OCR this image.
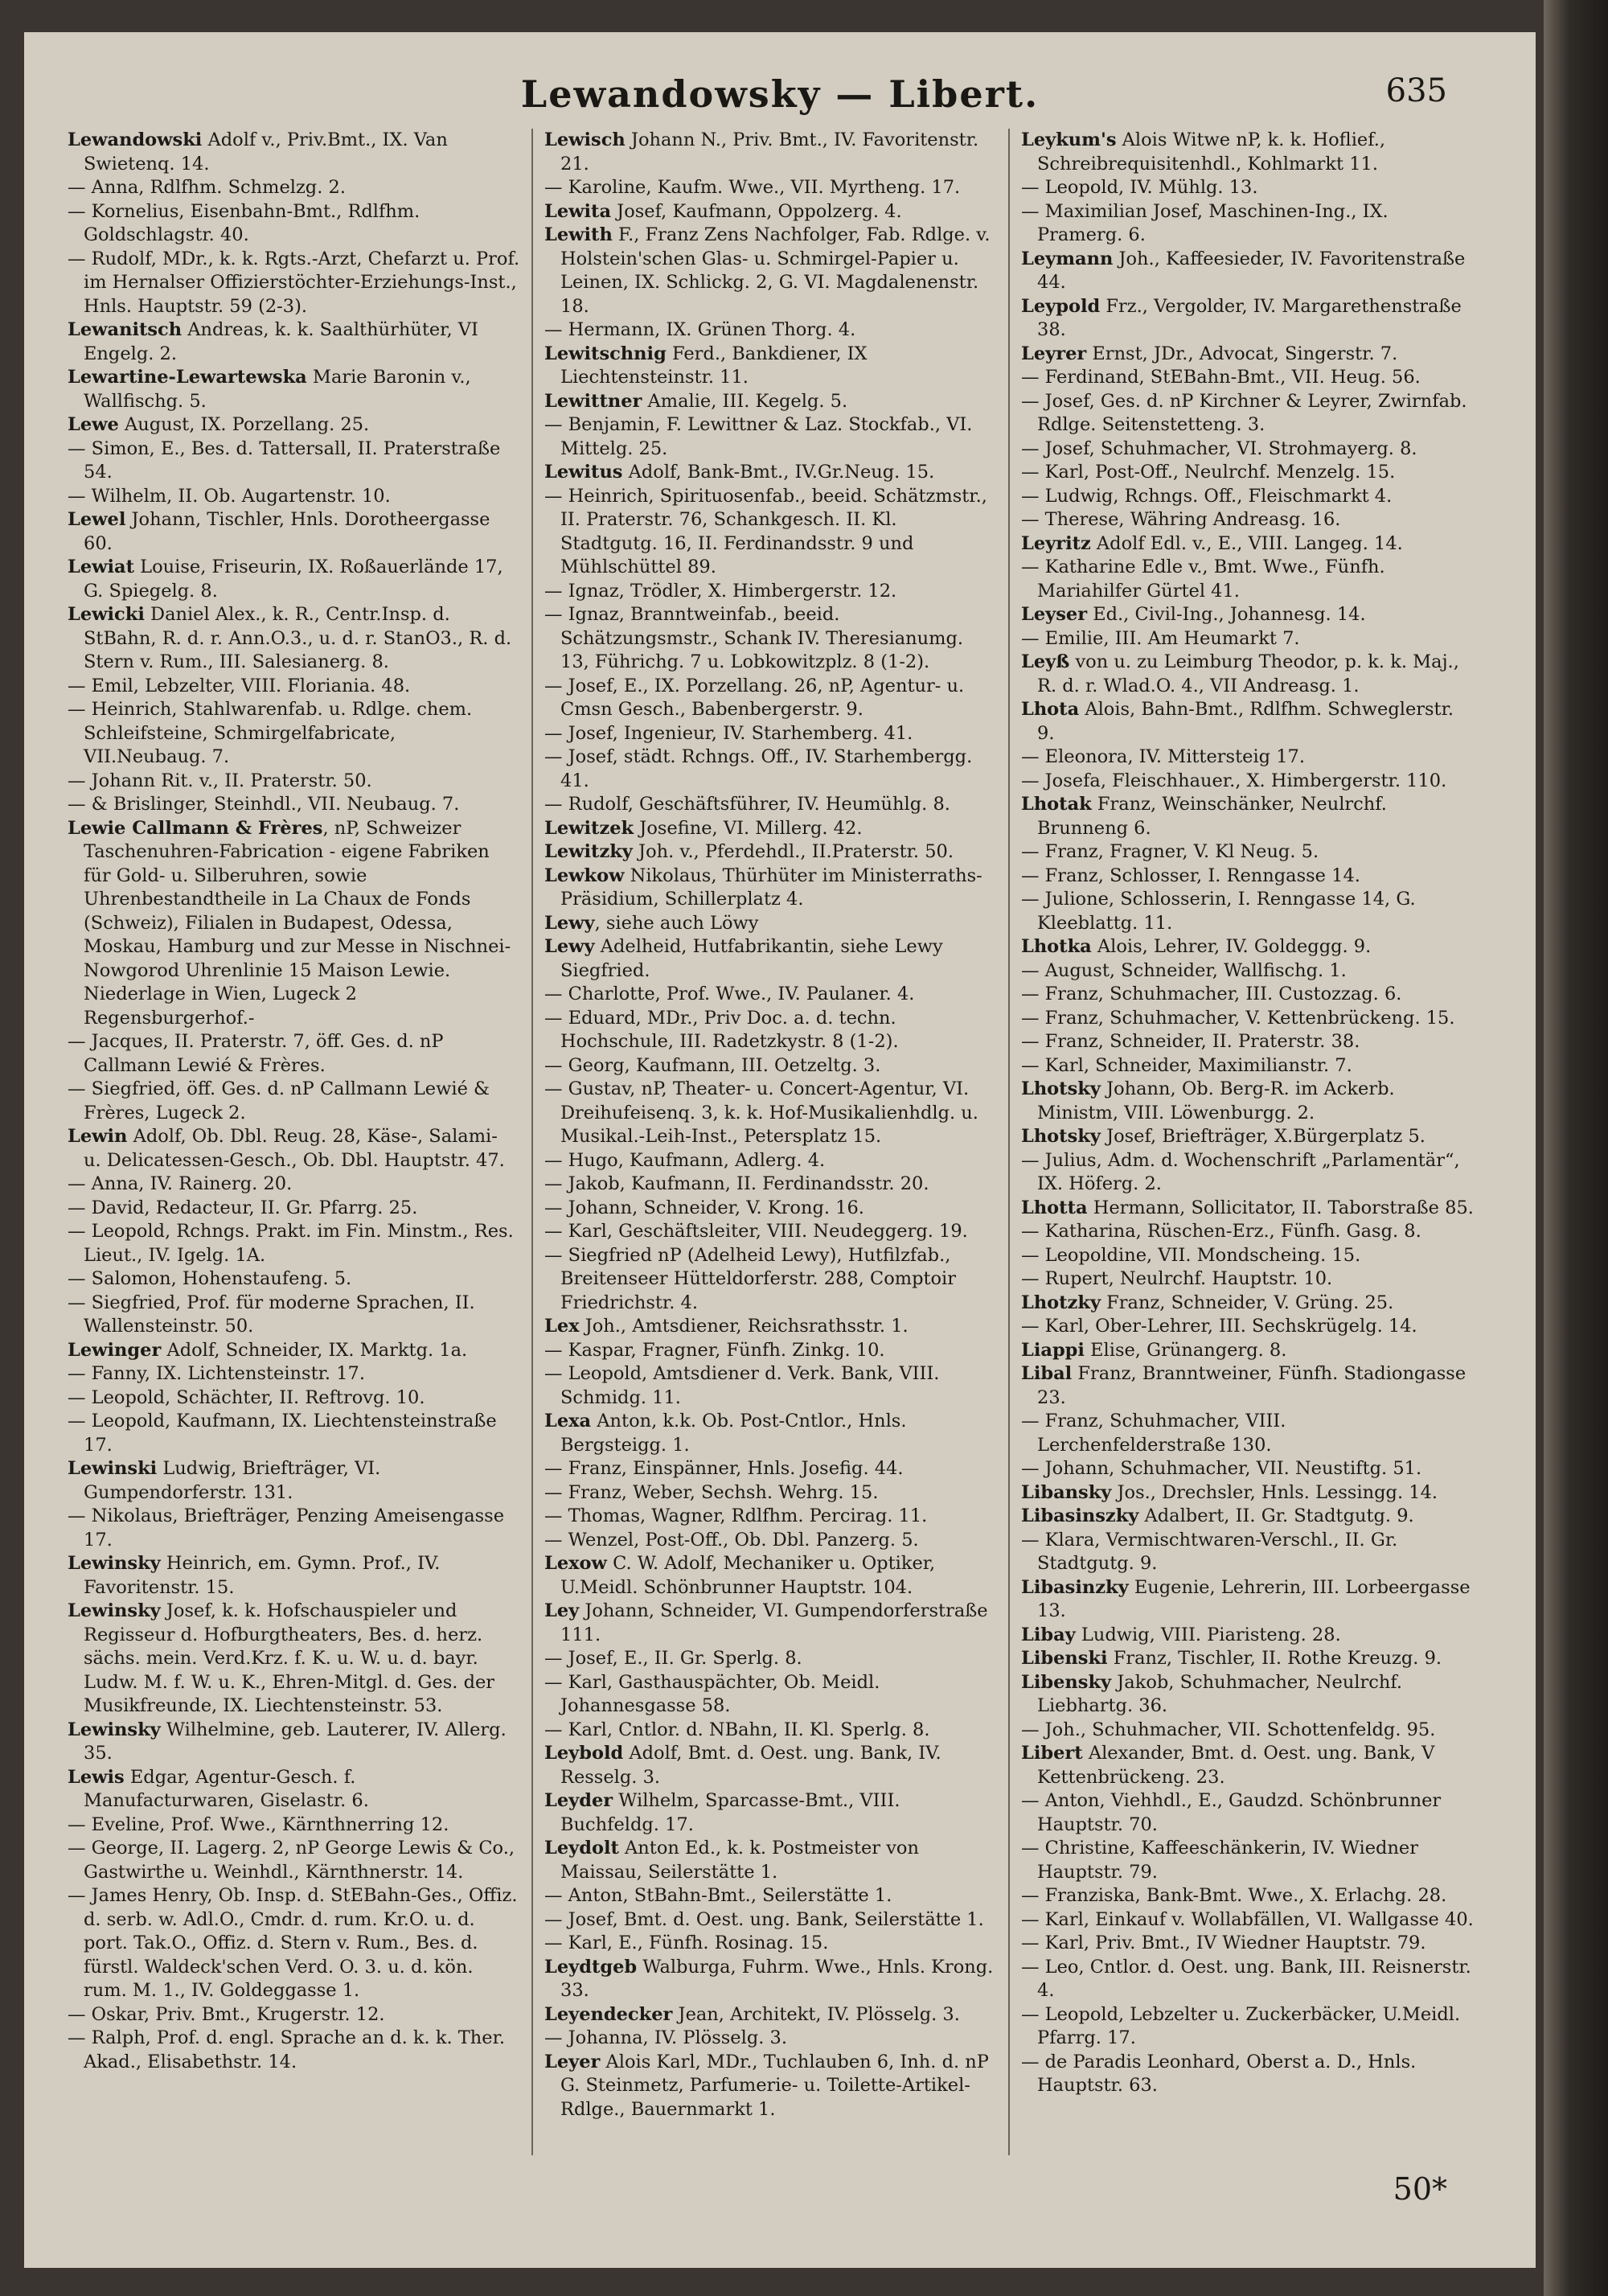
Lewandowsky — Libert.	635

Lewandowski Adolf v., Priv.Bmt., IX. Van Swietenq. 14.

— Anna, Rdlfhm. Schmelzg. 2.

— Kornelius, Eisenbahn-Bmt., Rdlfhm. Goldschlagstr. 40.

— Rudolf, MDr., k. k. Rgts.-Arzt, Chefarzt u. Prof. im Hernalser Offizierstöchter-Erziehungs-Inst., Hnls. Hauptstr. 59 (2-3).

Lewanitsch Andreas, k. k. Saalthürhüter, VI Engelg. 2.

Lewartine-Lewartewska Marie Baronin v., Wallfischg. 5.

Lewe August, IX. Porzellang. 25.

— Simon, E., Bes. d. Tattersall, II. Praterstraße 54.

— Wilhelm, II. Ob. Augartenstr. 10.

Lewel Johann, Tischler, Hnls. Dorotheergasse 60.

Lewiat Louise, Friseurin, IX. Roßauerlände 17, G. Spiegelg. 8.

Lewicki Daniel Alex., k. R., Centr.Insp. d. StBahn, R. d. r. Ann.O.3., u. d. r. StanO3., R. d. Stern v. Rum., III. Salesianerg. 8.

— Emil, Lebzelter, VIII. Floriania. 48.

— Heinrich, Stahlwarenfab. u. Rdlge. chem. Schleifsteine, Schmirgelfabricate, VII.Neubaug. 7.

— Johann Rit. v., II. Praterstr. 50.

— & Brislinger, Steinhdl., VII. Neubaug. 7.

Lewie Callmann & Frères, nP, Schweizer Taschenuhren-Fabrication - eigene Fabriken für Gold- u. Silberuhren, sowie Uhrenbestandtheile in La Chaux de Fonds (Schweiz), Filialen in Budapest, Odessa, Moskau, Hamburg und zur Messe in Nischnei-Nowgorod Uhrenlinie 15 Maison Lewie. Niederlage in Wien, Lugeck 2 Regensburgerhof.-

— Jacques, II. Praterstr. 7, öff. Ges. d. nP Callmann Lewié & Frères.

— Siegfried, öff. Ges. d. nP Callmann Lewié & Frères, Lugeck 2.

Lewin Adolf, Ob. Dbl. Reug. 28, Käse-, Salami- u. Delicatessen-Gesch., Ob. Dbl. Hauptstr. 47.

— Anna, IV. Rainerg. 20.

— David, Redacteur, II. Gr. Pfarrg. 25.

— Leopold, Rchngs. Prakt. im Fin. Minstm., Res. Lieut., IV. Igelg. 1A.

— Salomon, Hohenstaufeng. 5.

— Siegfried, Prof. für moderne Sprachen, II. Wallensteinstr. 50.

Lewinger Adolf, Schneider, IX. Marktg. 1a.

— Fanny, IX. Lichtensteinstr. 17.

— Leopold, Schächter, II. Reftrovg. 10.

— Leopold, Kaufmann, IX. Liechtensteinstraße 17.

Lewinski Ludwig, Briefträger, VI. Gumpendorferstr. 131.

— Nikolaus, Briefträger, Penzing Ameisengasse 17.

Lewinsky Heinrich, em. Gymn. Prof., IV. Favoritenstr. 15.

Lewinsky Josef, k. k. Hofschauspieler und Regisseur d. Hofburgtheaters, Bes. d. herz. sächs. mein. Verd.Krz. f. K. u. W. u. d. bayr. Ludw. M. f. W. u. K., Ehren-Mitgl. d. Ges. der Musikfreunde, IX. Liechtensteinstr. 53.

Lewinsky Wilhelmine, geb. Lauterer, IV. Allerg. 35.

Lewis Edgar, Agentur-Gesch. f. Manufacturwaren, Giselastr. 6.

— Eveline, Prof. Wwe., Kärnthnerring 12.

— George, II. Lagerg. 2, nP George Lewis & Co., Gastwirthe u. Weinhdl., Kärnthnerstr. 14.

— James Henry, Ob. Insp. d. StEBahn-Ges., Offiz. d. serb. w. Adl.O., Cmdr. d. rum. Kr.O. u. d. port. Tak.O., Offiz. d. Stern v. Rum., Bes. d. fürstl. Waldeck'schen Verd. O. 3. u. d. kön. rum. M. 1., IV. Goldeggasse 1.

— Oskar, Priv. Bmt., Krugerstr. 12.

— Ralph, Prof. d. engl. Sprache an d. k. k. Ther. Akad., Elisabethstr. 14.

Lewisch Johann N., Priv. Bmt., IV. Favoritenstr. 21.

— Karoline, Kaufm. Wwe., VII. Myrtheng. 17.

Lewita Josef, Kaufmann, Oppolzerg. 4.

Lewith F., Franz Zens Nachfolger, Fab. Rdlge. v. Holstein'schen Glas- u. Schmirgel-Papier u. Leinen, IX. Schlickg. 2, G. VI. Magdalenenstr. 18.

— Hermann, IX. Grünen Thorg. 4.

Lewitschnig Ferd., Bankdiener, IX Liechtensteinstr. 11.

Lewittner Amalie, III. Kegelg. 5.

— Benjamin, F. Lewittner & Laz. Stockfab., VI. Mittelg. 25.

Lewitus Adolf, Bank-Bmt., IV.Gr.Neug. 15.

— Heinrich, Spirituosenfab., beeid. Schätzmstr., II. Praterstr. 76, Schankgesch. II. Kl. Stadtgutg. 16, II. Ferdinandsstr. 9 und Mühlschüttel 89.

— Ignaz, Trödler, X. Himbergerstr. 12.

— Ignaz, Branntweinfab., beeid. Schätzungsmstr., Schank IV. Theresianumg. 13, Führichg. 7 u. Lobkowitzplz. 8 (1-2).

— Josef, E., IX. Porzellang. 26, nP, Agentur- u. Cmsn Gesch., Babenbergerstr. 9.

— Josef, Ingenieur, IV. Starhemberg. 41.

— Josef, städt. Rchngs. Off., IV. Starhembergg. 41.

— Rudolf, Geschäftsführer, IV. Heumühlg. 8.

Lewitzek Josefine, VI. Millerg. 42.

Lewitzky Joh. v., Pferdehdl., II.Praterstr. 50.

Lewkow Nikolaus, Thürhüter im Ministerraths-Präsidium, Schillerplatz 4.

Lewy, siehe auch Löwy

Lewy Adelheid, Hutfabrikantin, siehe Lewy Siegfried.

— Charlotte, Prof. Wwe., IV. Paulaner. 4.

— Eduard, MDr., Priv Doc. a. d. techn. Hochschule, III. Radetzkystr. 8 (1-2).

— Georg, Kaufmann, III. Oetzeltg. 3.

— Gustav, nP, Theater- u. Concert-Agentur, VI. Dreihufeisenq. 3, k. k. Hof-Musikalienhdlg. u. Musikal.-Leih-Inst., Petersplatz 15.

— Hugo, Kaufmann, Adlerg. 4.

— Jakob, Kaufmann, II. Ferdinandsstr. 20.

— Johann, Schneider, V. Krong. 16.

— Karl, Geschäftsleiter, VIII. Neudeggerg. 19.

— Siegfried nP (Adelheid Lewy), Hutfilzfab., Breitenseer Hütteldorferstr. 288, Comptoir Friedrichstr. 4.

Lex Joh., Amtsdiener, Reichsrathsstr. 1.

— Kaspar, Fragner, Fünfh. Zinkg. 10.

— Leopold, Amtsdiener d. Verk. Bank, VIII. Schmidg. 11.

Lexa Anton, k.k. Ob. Post-Cntlor., Hnls. Bergsteigg. 1.

— Franz, Einspänner, Hnls. Josefig. 44.

— Franz, Weber, Sechsh. Wehrg. 15.

— Thomas, Wagner, Rdlfhm. Percirag. 11.

— Wenzel, Post-Off., Ob. Dbl. Panzerg. 5.

Lexow C. W. Adolf, Mechaniker u. Optiker, U.Meidl. Schönbrunner Hauptstr. 104.

Ley Johann, Schneider, VI. Gumpendorferstraße 111.

— Josef, E., II. Gr. Sperlg. 8.

— Karl, Gasthauspächter, Ob. Meidl. Johannesgasse 58.

— Karl, Cntlor. d. NBahn, II. Kl. Sperlg. 8.

Leybold Adolf, Bmt. d. Oest. ung. Bank, IV. Resselg. 3.

Leyder Wilhelm, Sparcasse-Bmt., VIII. Buchfeldg. 17.

Leydolt Anton Ed., k. k. Postmeister von Maissau, Seilerstätte 1.

— Anton, StBahn-Bmt., Seilerstätte 1.

— Josef, Bmt. d. Oest. ung. Bank, Seilerstätte 1.

— Karl, E., Fünfh. Rosinag. 15.

Leydtgeb Walburga, Fuhrm. Wwe., Hnls. Krong. 33.

Leyendecker Jean, Architekt, IV. Plösselg. 3.

— Johanna, IV. Plösselg. 3.

Leyer Alois Karl, MDr., Tuchlauben 6, Inh. d. nP G. Steinmetz, Parfumerie- u. Toilette-Artikel-Rdlge., Bauernmarkt 1.

Leykum's Alois Witwe nP, k. k. Hoflief., Schreibrequisitenhdl., Kohlmarkt 11.

— Leopold, IV. Mühlg. 13.

— Maximilian Josef, Maschinen-Ing., IX. Pramerg. 6.

Leymann Joh., Kaffeesieder, IV. Favoritenstraße 44.

Leypold Frz., Vergolder, IV. Margarethenstraße 38.

Leyrer Ernst, JDr., Advocat, Singerstr. 7.

— Ferdinand, StEBahn-Bmt., VII. Heug. 56.

— Josef, Ges. d. nP Kirchner & Leyrer, Zwirnfab. Rdlge. Seitenstetteng. 3.

— Josef, Schuhmacher, VI. Strohmayerg. 8.

— Karl, Post-Off., Neulrchf. Menzelg. 15.

— Ludwig, Rchngs. Off., Fleischmarkt 4.

— Therese, Währing Andreasg. 16.

Leyritz Adolf Edl. v., E., VIII. Langeg. 14.

— Katharine Edle v., Bmt. Wwe., Fünfh. Mariahilfer Gürtel 41.

Leyser Ed., Civil-Ing., Johannesg. 14.

— Emilie, III. Am Heumarkt 7.

Leyß von u. zu Leimburg Theodor, p. k. k. Maj., R. d. r. Wlad.O. 4., VII Andreasg. 1.

Lhota Alois, Bahn-Bmt., Rdlfhm. Schweglerstr. 9.

— Eleonora, IV. Mittersteig 17.

— Josefa, Fleischhauer., X. Himbergerstr. 110.

Lhotak Franz, Weinschänker, Neulrchf. Brunneng 6.

— Franz, Fragner, V. Kl Neug. 5.

— Franz, Schlosser, I. Renngasse 14.

— Julione, Schlosserin, I. Renngasse 14, G. Kleeblattg. 11.

Lhotka Alois, Lehrer, IV. Goldeggg. 9.

— August, Schneider, Wallfischg. 1.

— Franz, Schuhmacher, III. Custozzag. 6.

— Franz, Schuhmacher, V. Kettenbrückeng. 15.

— Franz, Schneider, II. Praterstr. 38.

— Karl, Schneider, Maximilianstr. 7.

Lhotsky Johann, Ob. Berg-R. im Ackerb. Ministm, VIII. Löwenburgg. 2.

Lhotsky Josef, Briefträger, X.Bürgerplatz 5.

— Julius, Adm. d. Wochenschrift „Parlamentär“, IX. Höferg. 2.

Lhotta Hermann, Sollicitator, II. Taborstraße 85.

— Katharina, Rüschen-Erz., Fünfh. Gasg. 8.

— Leopoldine, VII. Mondscheing. 15.

— Rupert, Neulrchf. Hauptstr. 10.

Lhotzky Franz, Schneider, V. Grüng. 25.

— Karl, Ober-Lehrer, III. Sechskrügelg. 14.

Liappi Elise, Grünangerg. 8.

Libal Franz, Branntweiner, Fünfh. Stadiongasse 23.

— Franz, Schuhmacher, VIII. Lerchenfelderstraße 130.

— Johann, Schuhmacher, VII. Neustiftg. 51.

Libansky Jos., Drechsler, Hnls. Lessingg. 14.

Libasinszky Adalbert, II. Gr. Stadtgutg. 9.

— Klara, Vermischtwaren-Verschl., II. Gr. Stadtgutg. 9.

Libasinzky Eugenie, Lehrerin, III. Lorbeergasse 13.

Libay Ludwig, VIII. Piaristeng. 28.

Libenski Franz, Tischler, II. Rothe Kreuzg. 9.

Libensky Jakob, Schuhmacher, Neulrchf. Liebhartg. 36.

— Joh., Schuhmacher, VII. Schottenfeldg. 95.

Libert Alexander, Bmt. d. Oest. ung. Bank, V Kettenbrückeng. 23.

— Anton, Viehhdl., E., Gaudzd. Schönbrunner Hauptstr. 70.

— Christine, Kaffeeschänkerin, IV. Wiedner Hauptstr. 79.

— Franziska, Bank-Bmt. Wwe., X. Erlachg. 28.

— Karl, Einkauf v. Wollabfällen, VI. Wallgasse 40.

— Karl, Priv. Bmt., IV Wiedner Hauptstr. 79.

— Leo, Cntlor. d. Oest. ung. Bank, III. Reisnerstr. 4.

— Leopold, Lebzelter u. Zuckerbäcker, U.Meidl. Pfarrg. 17.

— de Paradis Leonhard, Oberst a. D., Hnls. Hauptstr. 63.

50*
